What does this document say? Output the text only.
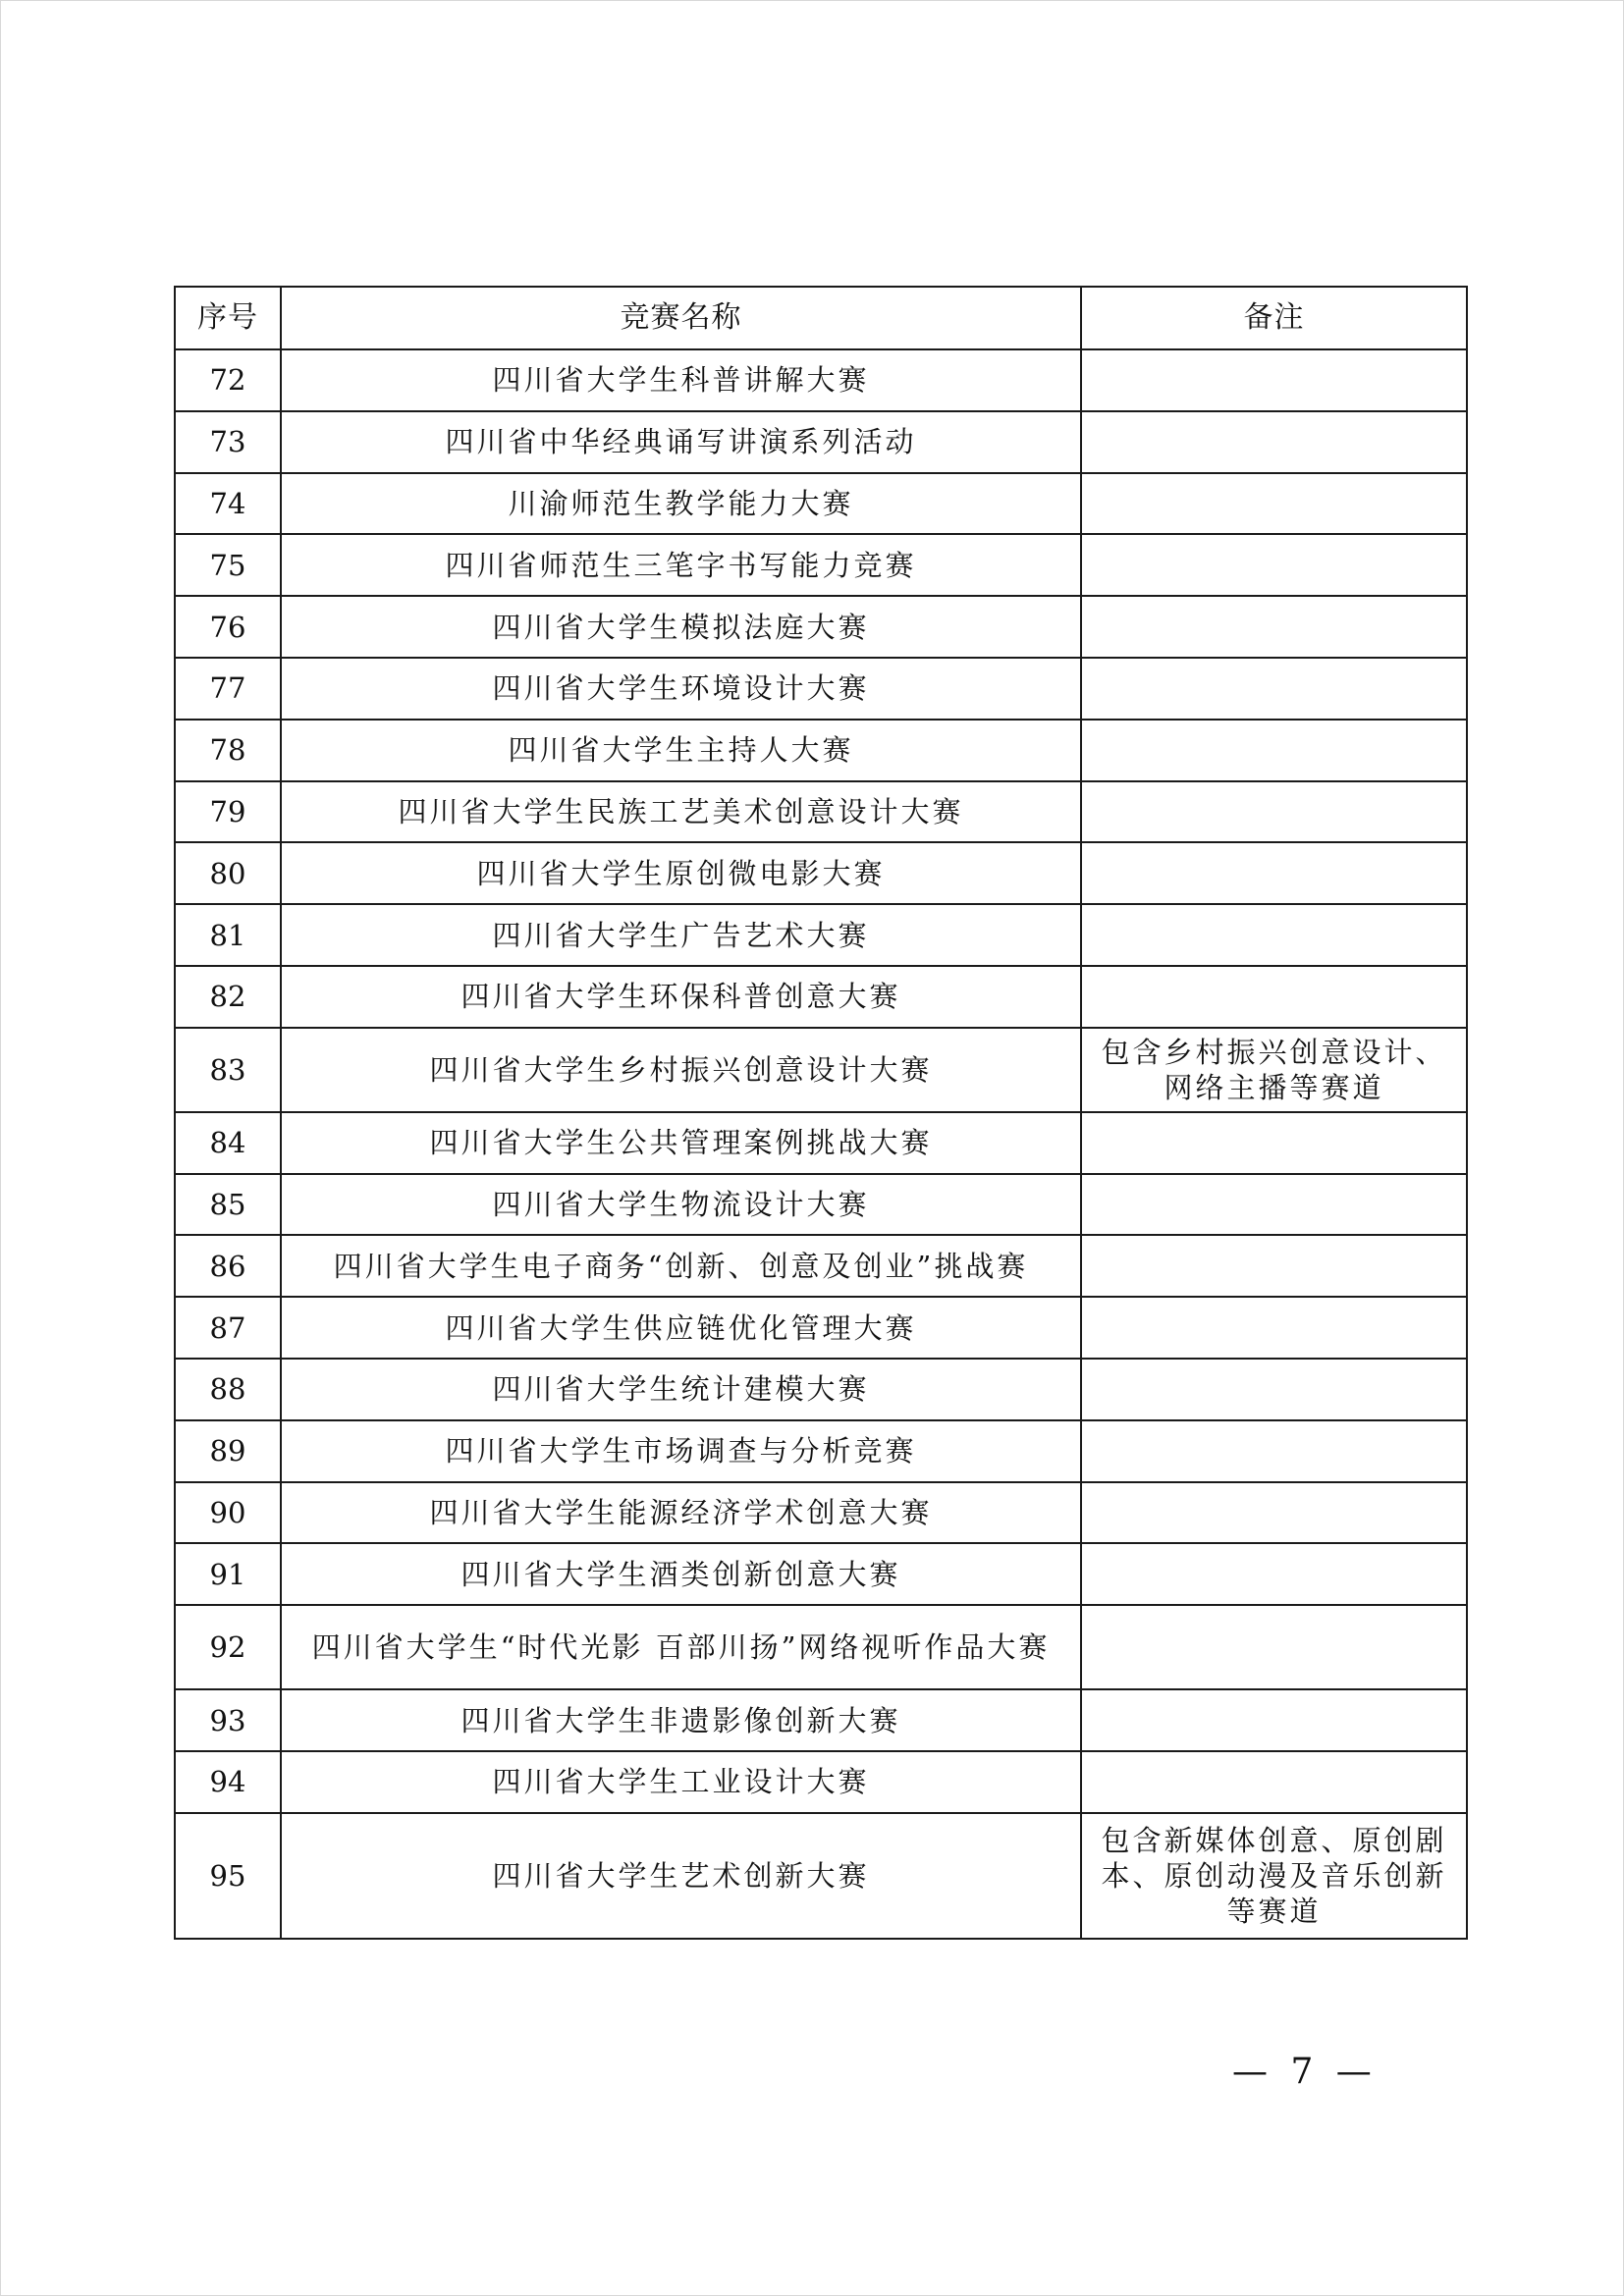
序号	竞赛名称	备注
72	四川省大学生科普讲解大赛	
73	四川省中华经典诵写讲演系列活动	
74	川渝师范生教学能力大赛	
75	四川省师范生三笔字书写能力竞赛	
76	四川省大学生模拟法庭大赛	
77	四川省大学生环境设计大赛	
78	四川省大学生主持人大赛	
79	四川省大学生民族工艺美术创意设计大赛	
80	四川省大学生原创微电影大赛	
81	四川省大学生广告艺术大赛	
82	四川省大学生环保科普创意大赛	
83	四川省大学生乡村振兴创意设计大赛	包含乡村振兴创意设计、网络主播等赛道
84	四川省大学生公共管理案例挑战大赛	
85	四川省大学生物流设计大赛	
86	四川省大学生电子商务“创新、创意及创业”挑战赛	
87	四川省大学生供应链优化管理大赛	
88	四川省大学生统计建模大赛	
89	四川省大学生市场调查与分析竞赛	
90	四川省大学生能源经济学术创意大赛	
91	四川省大学生酒类创新创意大赛	
92	四川省大学生“时代光影 百部川扬”网络视听作品大赛	
93	四川省大学生非遗影像创新大赛	
94	四川省大学生工业设计大赛	
95	四川省大学生艺术创新大赛	包含新媒体创意、原创剧本、原创动漫及音乐创新等赛道
— 7 —
